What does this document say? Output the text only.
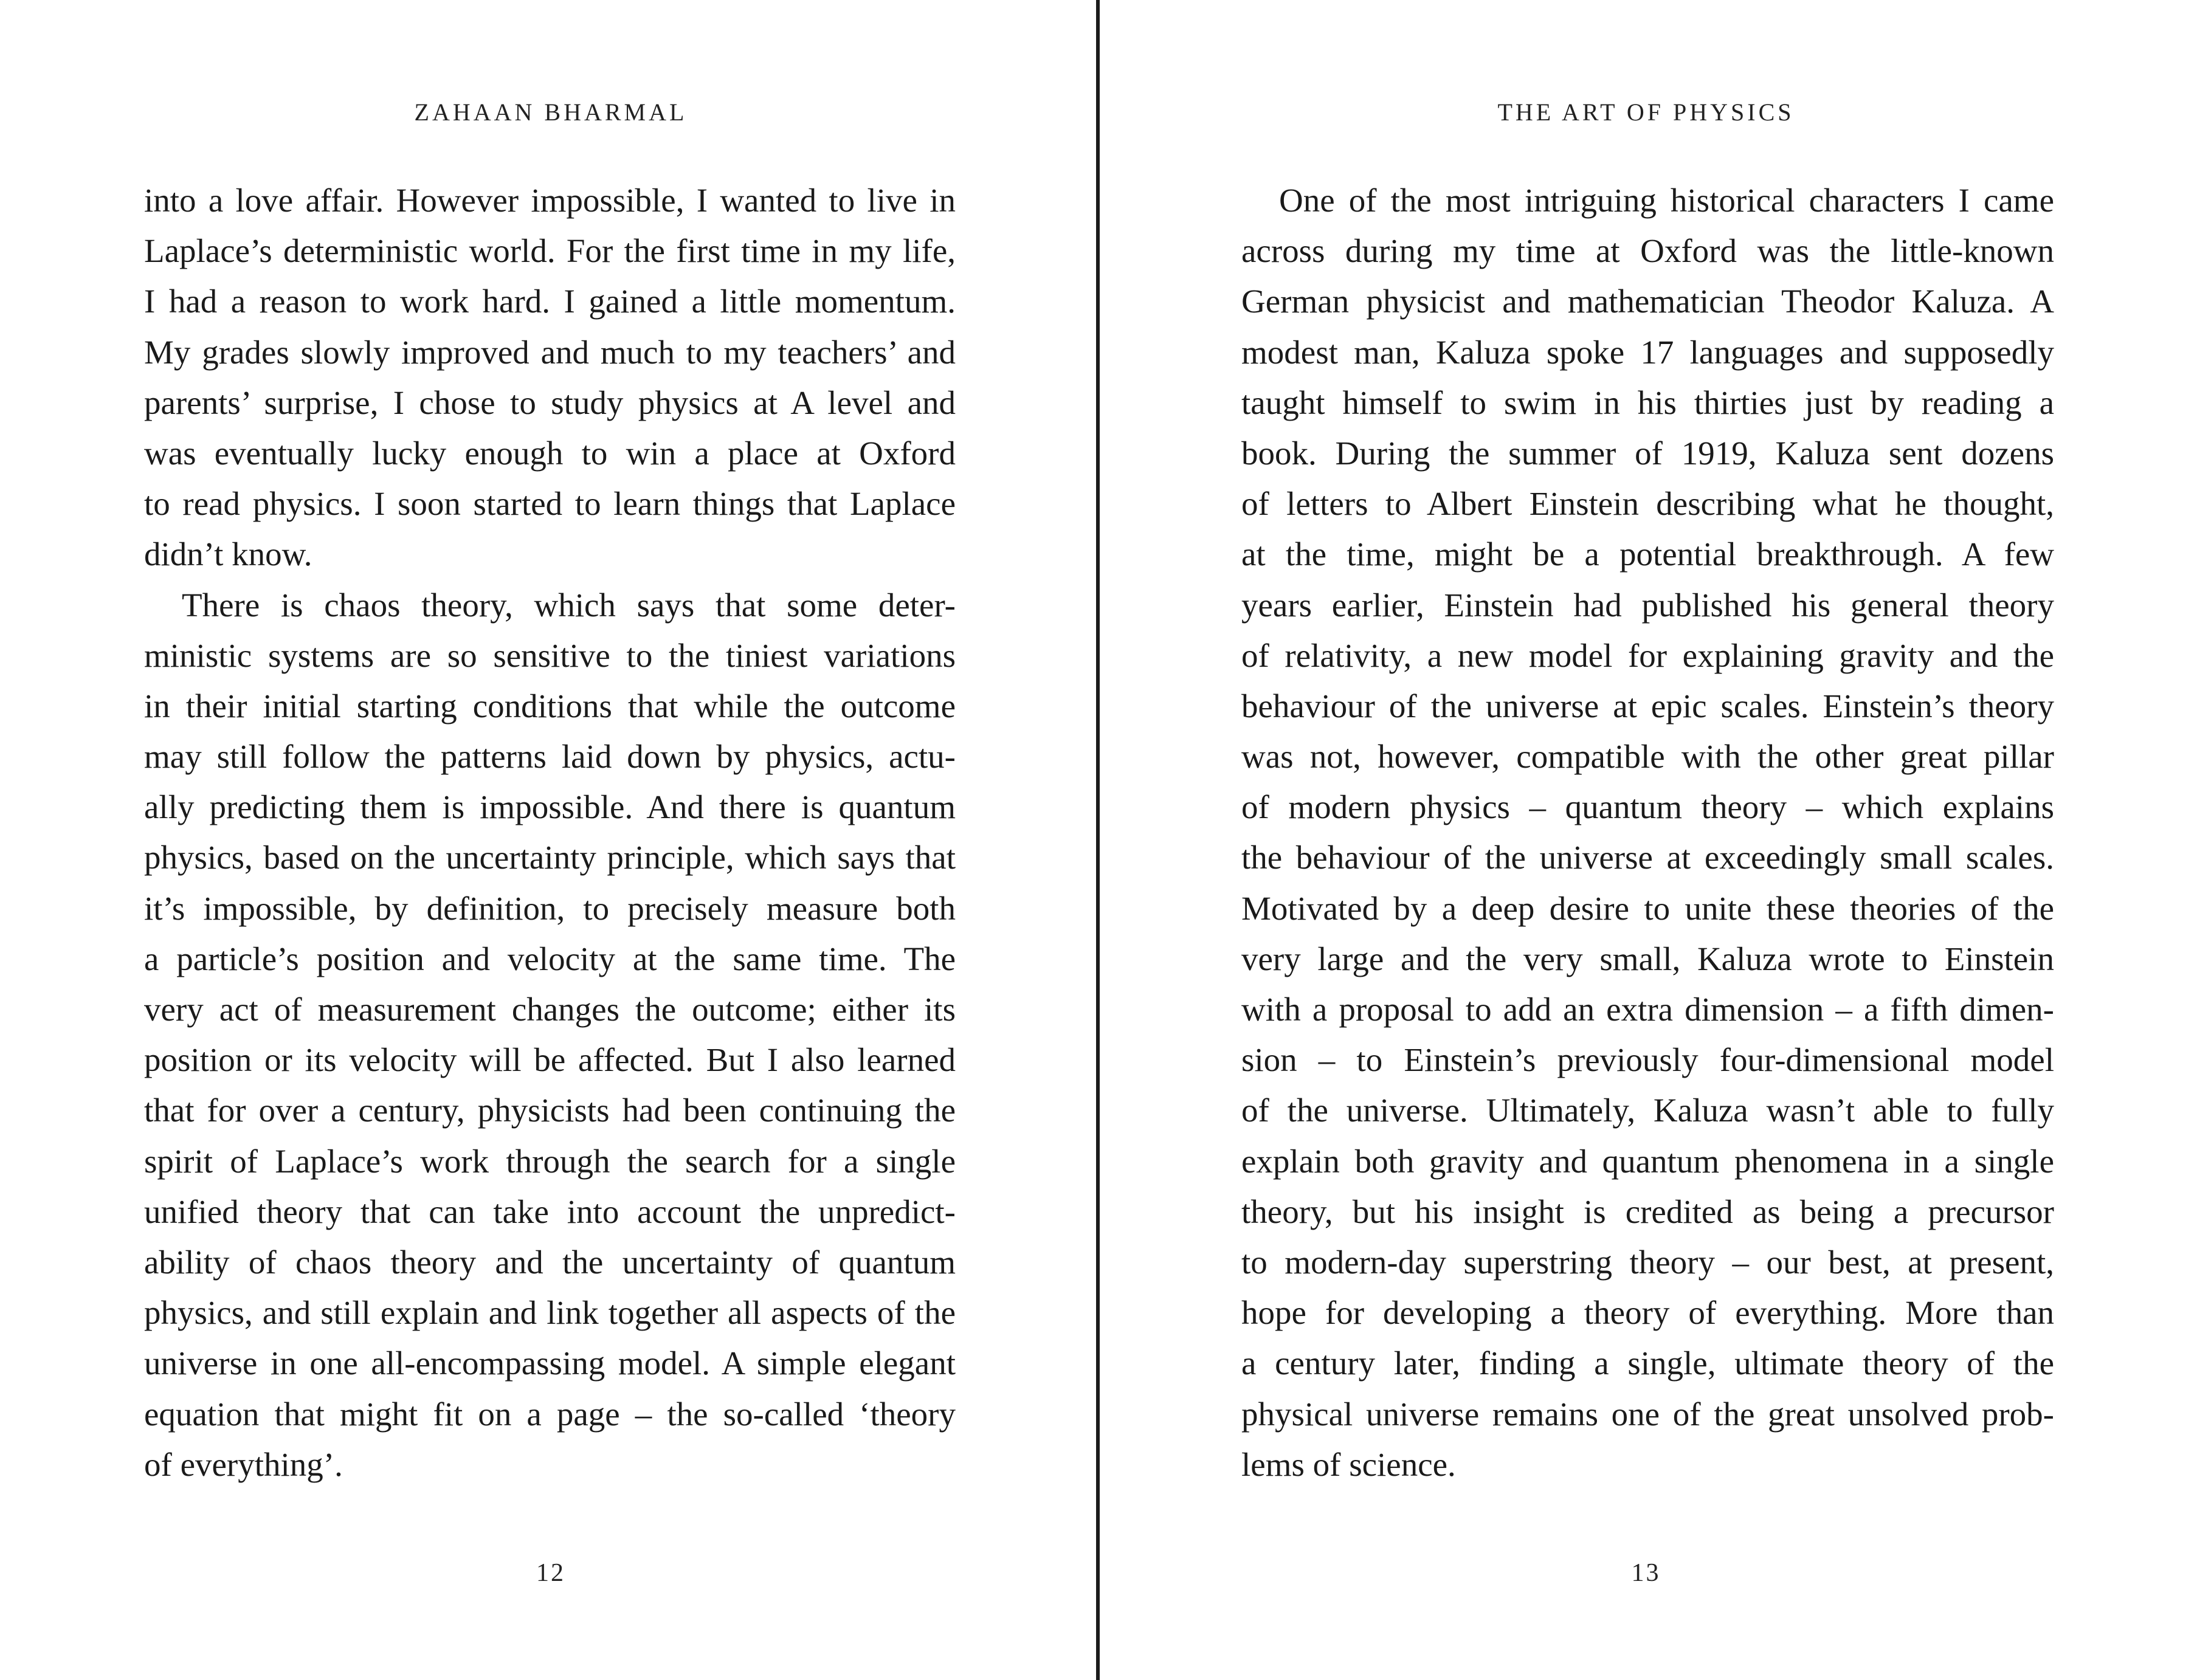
ZAHAAN BHARMAL
into a love affair. However impossible, I wanted to live in
Laplace’s deterministic world. For the first time in my life,
I had a reason to work hard. I gained a little momentum.
My grades slowly improved and much to my teachers’ and
parents’ surprise, I chose to study physics at A level and
was eventually lucky enough to win a place at Oxford
to read physics. I soon started to learn things that Laplace
didn’t know.
There is chaos theory, which says that some deter-
ministic systems are so sensitive to the tiniest variations
in their initial starting conditions that while the outcome
may still follow the patterns laid down by physics, actu-
ally predicting them is impossible. And there is quantum
physics, based on the uncertainty principle, which says that
it’s impossible, by definition, to precisely measure both
a particle’s position and velocity at the same time. The
very act of measurement changes the outcome; either its
position or its velocity will be affected. But I also learned
that for over a century, physicists had been continuing the
spirit of Laplace’s work through the search for a single
unified theory that can take into account the unpredict-
ability of chaos theory and the uncertainty of quantum
physics, and still explain and link together all aspects of the
universe in one all-encompassing model. A simple elegant
equation that might fit on a page – the so-called ‘theory
of everything’.
12
THE ART OF PHYSICS
One of the most intriguing historical characters I came
across during my time at Oxford was the little-known
German physicist and mathematician Theodor Kaluza. A
modest man, Kaluza spoke 17 languages and supposedly
taught himself to swim in his thirties just by reading a
book. During the summer of 1919, Kaluza sent dozens
of letters to Albert Einstein describing what he thought,
at the time, might be a potential breakthrough. A few
years earlier, Einstein had published his general theory
of relativity, a new model for explaining gravity and the
behaviour of the universe at epic scales. Einstein’s theory
was not, however, compatible with the other great pillar
of modern physics – quantum theory – which explains
the behaviour of the universe at exceedingly small scales.
Motivated by a deep desire to unite these theories of the
very large and the very small, Kaluza wrote to Einstein
with a proposal to add an extra dimension – a fifth dimen-
sion – to Einstein’s previously four-dimensional model
of the universe. Ultimately, Kaluza wasn’t able to fully
explain both gravity and quantum phenomena in a single
theory, but his insight is credited as being a precursor
to modern-day superstring theory – our best, at present,
hope for developing a theory of everything. More than
a century later, finding a single, ultimate theory of the
physical universe remains one of the great unsolved prob-
lems of science.
13
